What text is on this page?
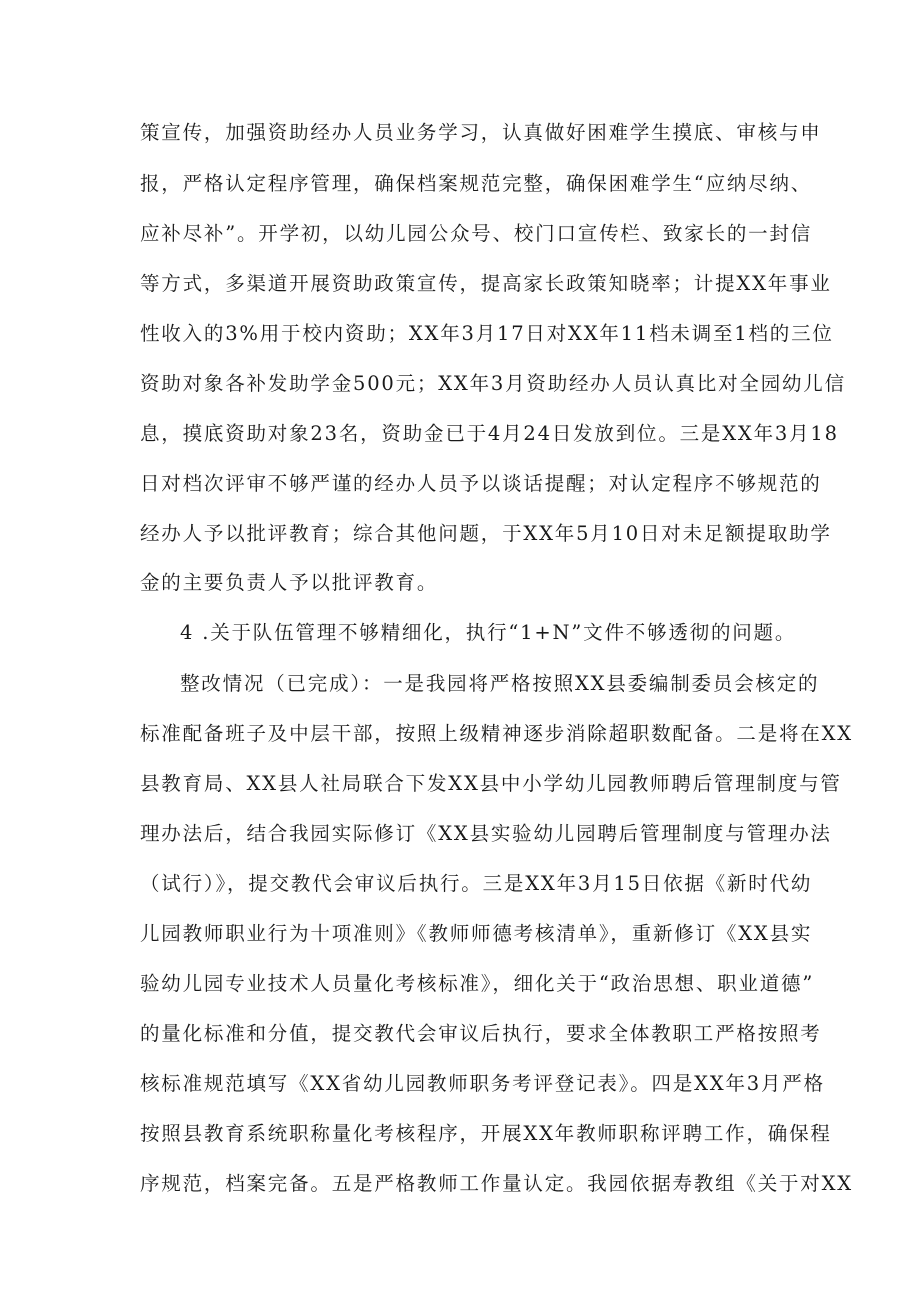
策宣传，加强资助经办人员业务学习，认真做好困难学生摸底、审核与申

报，严格认定程序管理，确保档案规范完整，确保困难学生“应纳尽纳、

应补尽补”。开学初，以幼儿园公众号、校门口宣传栏、致家长的一封信

等方式，多渠道开展资助政策宣传，提高家长政策知晓率；计提XX年事业

性收入的3%用于校内资助；XX年3月17日对XX年11档未调至1档的三位

资助对象各补发助学金500元；XX年3月资助经办人员认真比对全园幼儿信

息，摸底资助对象23名，资助金已于4月24日发放到位。三是XX年3月18

日对档次评审不够严谨的经办人员予以谈话提醒；对认定程序不够规范的

经办人予以批评教育；综合其他问题，于XX年5月10日对未足额提取助学

金的主要负责人予以批评教育。

4 .关于队伍管理不够精细化，执行“1+N”文件不够透彻的问题。

整改情况（已完成）：一是我园将严格按照XX县委编制委员会核定的

标准配备班子及中层干部，按照上级精神逐步消除超职数配备。二是将在XX

县教育局、XX县人社局联合下发XX县中小学幼儿园教师聘后管理制度与管

理办法后，结合我园实际修订《XX县实验幼儿园聘后管理制度与管理办法

（试行）》，提交教代会审议后执行。三是XX年3月15日依据《新时代幼

儿园教师职业行为十项准则》《教师师德考核清单》，重新修订《XX县实

验幼儿园专业技术人员量化考核标准》，细化关于“政治思想、职业道德”

的量化标准和分值，提交教代会审议后执行，要求全体教职工严格按照考

核标准规范填写《XX省幼儿园教师职务考评登记表》。四是XX年3月严格

按照县教育系统职称量化考核程序，开展XX年教师职称评聘工作，确保程

序规范，档案完备。五是严格教师工作量认定。我园依据寿教组《关于对XX
